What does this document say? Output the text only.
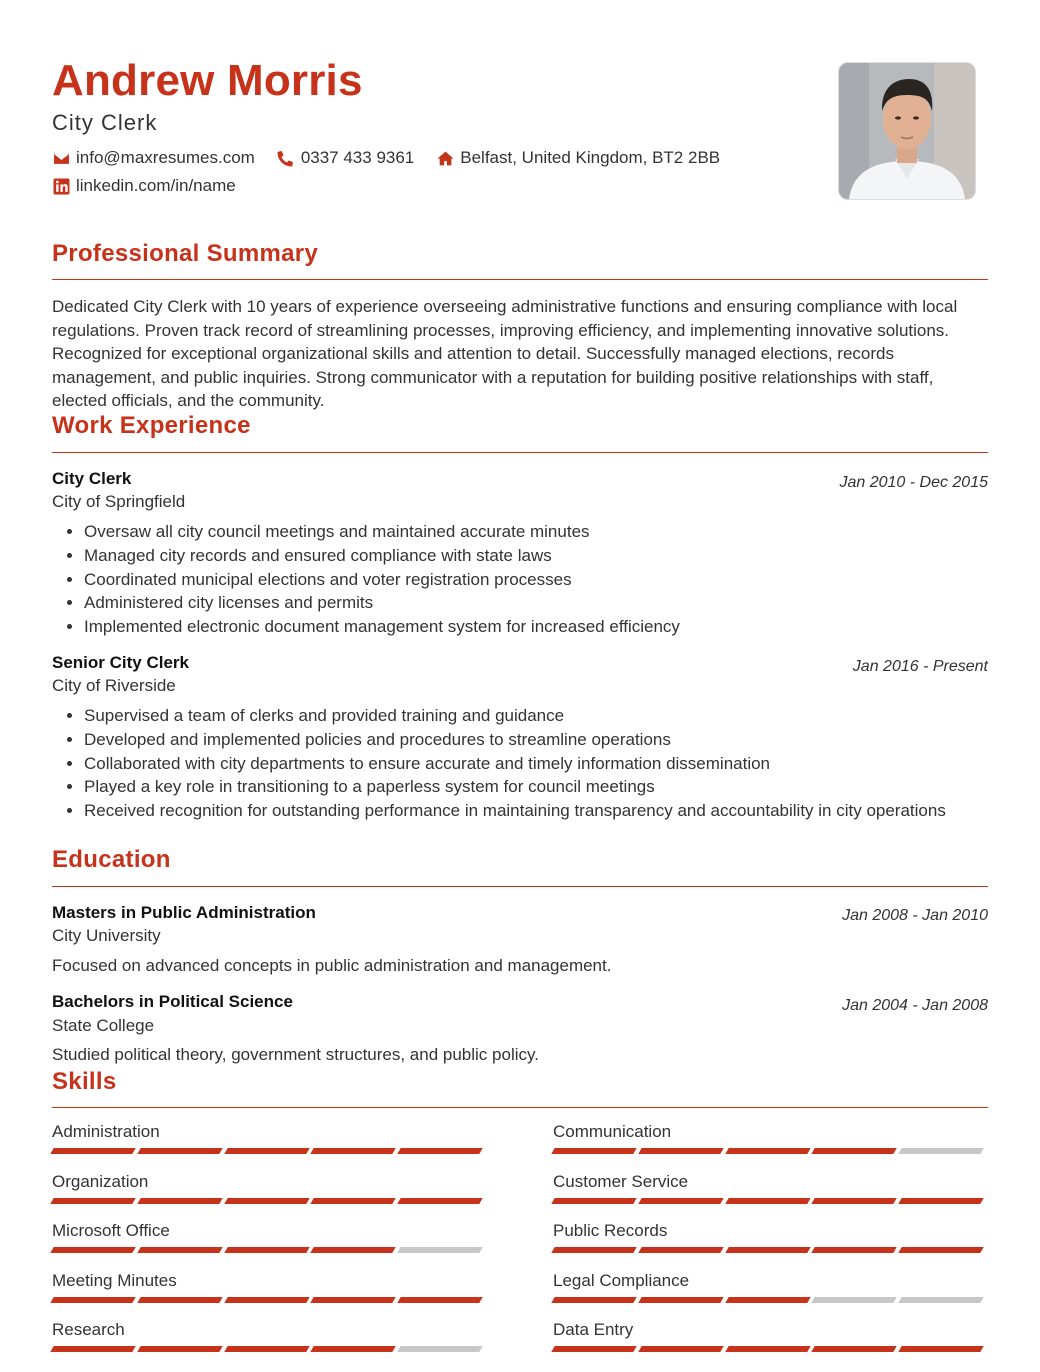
Andrew Morris
City Clerk
info@maxresumes.com	0337 433 9361	Belfast, United Kingdom, BT2 2BB
linkedin.com/in/name
Professional Summary

Dedicated City Clerk with 10 years of experience overseeing administrative functions and ensuring compliance with local regulations. Proven track record of streamlining processes, improving efficiency, and implementing innovative solutions. Recognized for exceptional organizational skills and attention to detail. Successfully managed elections, records management, and public inquiries. Strong communicator with a reputation for building positive relationships with staff, elected officials, and the community.

Work Experience
City Clerk	Jan 2010 - Dec 2015
City of Springfield
• Oversaw all city council meetings and maintained accurate minutes
• Managed city records and ensured compliance with state laws
• Coordinated municipal elections and voter registration processes
• Administered city licenses and permits
• Implemented electronic document management system for increased efficiency
Senior City Clerk	Jan 2016 - Present
City of Riverside
• Supervised a team of clerks and provided training and guidance
• Developed and implemented policies and procedures to streamline operations
• Collaborated with city departments to ensure accurate and timely information dissemination
• Played a key role in transitioning to a paperless system for council meetings
• Received recognition for outstanding performance in maintaining transparency and accountability in city operations
Education
Masters in Public Administration	Jan 2008 - Jan 2010
City University
Focused on advanced concepts in public administration and management.
Bachelors in Political Science	Jan 2004 - Jan 2008
State College
Studied political theory, government structures, and public policy.
Skills
Administration	Communication
Organization	Customer Service
Microsoft Office	Public Records
Meeting Minutes	Legal Compliance
Research	Data Entry
